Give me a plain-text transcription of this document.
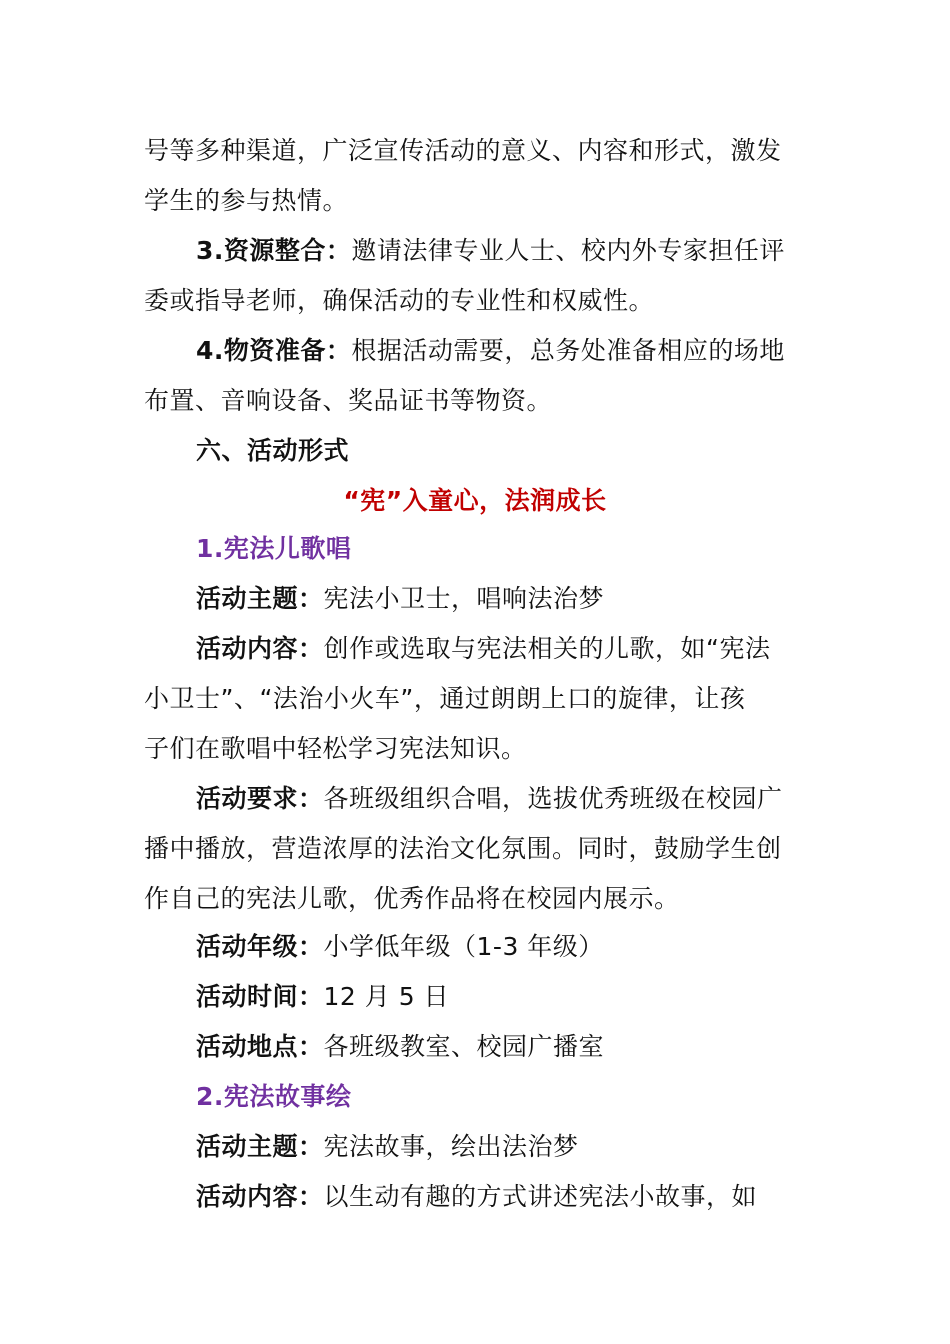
号等多种渠道，广泛宣传活动的意义、内容和形式，激发
学生的参与热情。
3.资源整合：邀请法律专业人士、校内外专家担任评
委或指导老师，确保活动的专业性和权威性。
4.物资准备：根据活动需要，总务处准备相应的场地
布置、音响设备、奖品证书等物资。
六、活动形式
“宪”入童心，法润成长
1.宪法儿歌唱
活动主题：宪法小卫士，唱响法治梦
活动内容：创作或选取与宪法相关的儿歌，如“宪法
小卫士”、“法治小火车”，通过朗朗上口的旋律，让孩
子们在歌唱中轻松学习宪法知识。
活动要求：各班级组织合唱，选拔优秀班级在校园广
播中播放，营造浓厚的法治文化氛围。同时，鼓励学生创
作自己的宪法儿歌，优秀作品将在校园内展示。
活动年级：小学低年级（1-3 年级）
活动时间：12 月 5 日
活动地点：各班级教室、校园广播室
2.宪法故事绘
活动主题：宪法故事，绘出法治梦
活动内容：以生动有趣的方式讲述宪法小故事，如
